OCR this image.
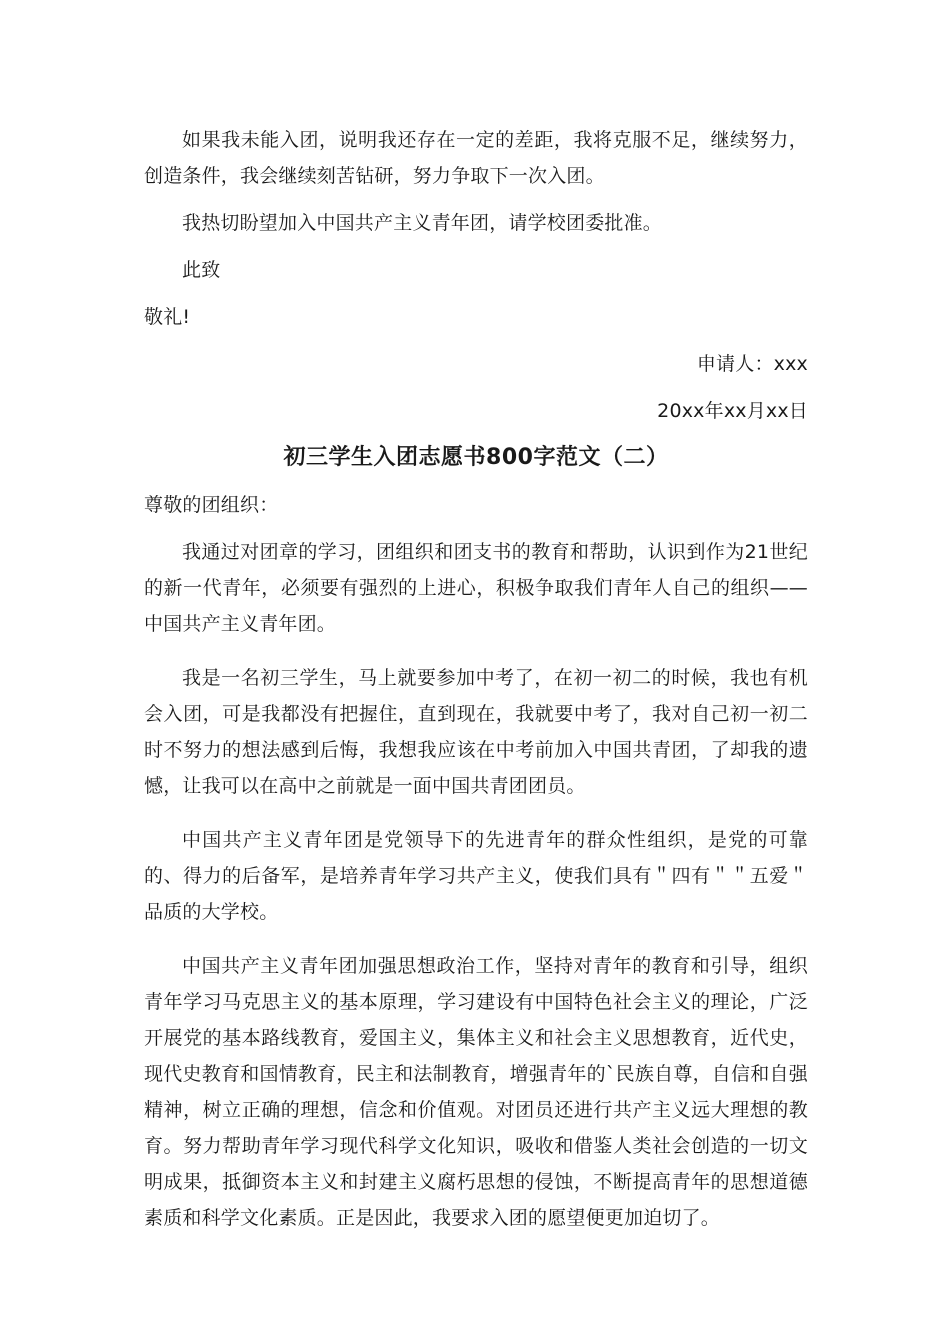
如果我未能入团，说明我还存在一定的差距，我将克服不足，继续努力，创造条件，我会继续刻苦钻研，努力争取下一次入团。

我热切盼望加入中国共产主义青年团，请学校团委批准。

此致

敬礼!

申请人：xxx

20xx年xx月xx日

初三学生入团志愿书800字范文（二）

尊敬的团组织：

我通过对团章的学习，团组织和团支书的教育和帮助，认识到作为21世纪的新一代青年，必须要有强烈的上进心，积极争取我们青年人自己的组织——中国共产主义青年团。

我是一名初三学生，马上就要参加中考了，在初一初二的时候，我也有机会入团，可是我都没有把握住，直到现在，我就要中考了，我对自己初一初二时不努力的想法感到后悔，我想我应该在中考前加入中国共青团，了却我的遗憾，让我可以在高中之前就是一面中国共青团团员。

中国共产主义青年团是党领导下的先进青年的群众性组织，是党的可靠的、得力的后备军，是培养青年学习共产主义，使我们具有＂四有＂＂五爱＂品质的大学校。

中国共产主义青年团加强思想政治工作，坚持对青年的教育和引导，组织青年学习马克思主义的基本原理，学习建设有中国特色社会主义的理论，广泛开展党的基本路线教育，爱国主义，集体主义和社会主义思想教育，近代史，现代史教育和国情教育，民主和法制教育，增强青年的`民族自尊，自信和自强精神，树立正确的理想，信念和价值观。对团员还进行共产主义远大理想的教育。努力帮助青年学习现代科学文化知识，吸收和借鉴人类社会创造的一切文明成果，抵御资本主义和封建主义腐朽思想的侵蚀，不断提高青年的思想道德素质和科学文化素质。正是因此，我要求入团的愿望便更加迫切了。
